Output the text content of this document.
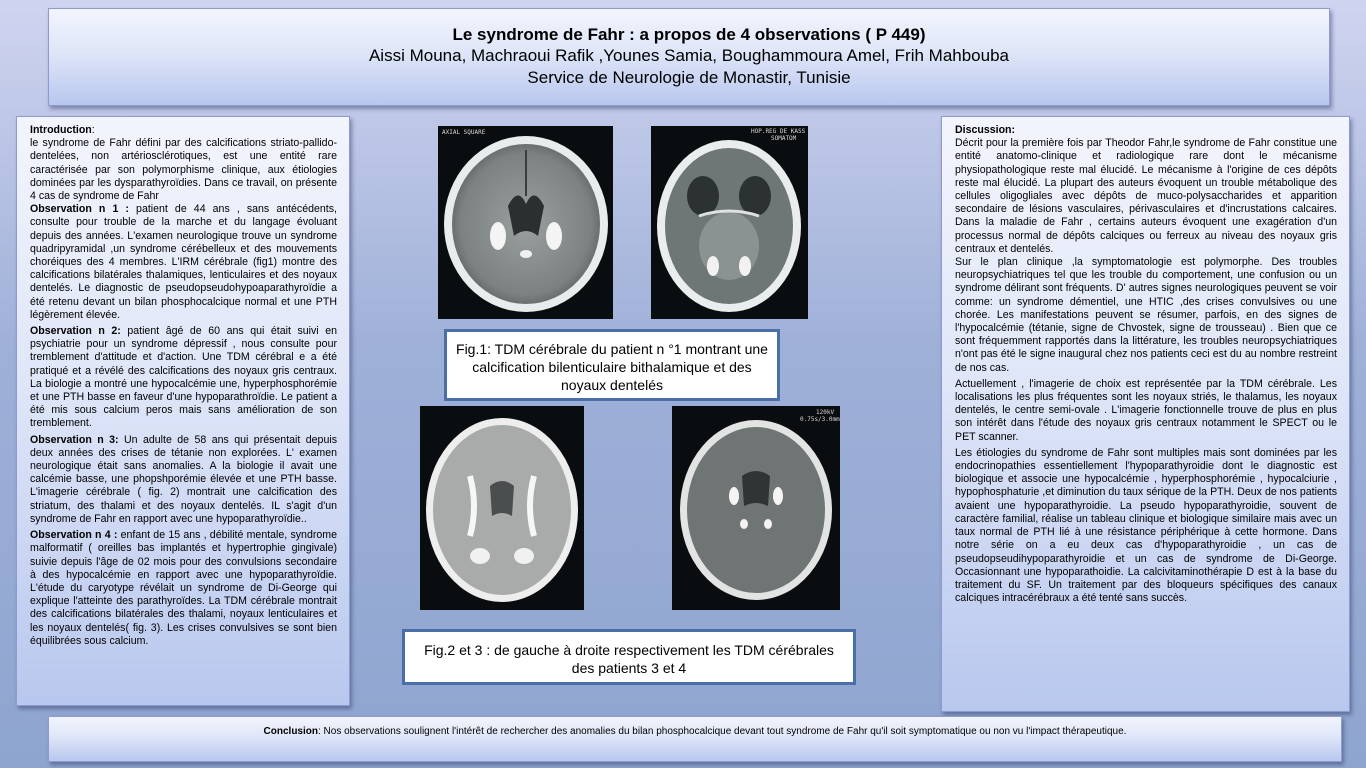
Le syndrome de Fahr : a propos de 4 observations ( P 449)
Aissi Mouna, Machraoui Rafik ,Younes Samia, Boughammoura Amel, Frih Mahbouba
Service de Neurologie de Monastir, Tunisie

Introduction:
le syndrome de Fahr défini par des calcifications striato-pallido-dentelées, non artériosclérotiques, est une entité rare caractérisée par son polymorphisme clinique, aux étiologies dominées par les dysparathyroïdies. Dans ce travail, on présente 4 cas de syndrome de Fahr
Observation n 1 : patient de 44 ans , sans antécédents, consulte pour trouble de la marche et du langage évoluant depuis des années. L'examen neurologique trouve un syndrome quadripyramidal ,un syndrome cérébelleux et des mouvements choréiques des 4 membres. L'IRM cérébrale (fig1) montre des calcifications bilatérales thalamiques, lenticulaires et des noyaux dentelés. Le diagnostic de pseudopseudohypoaparathyroïdie a été retenu devant un bilan phosphocalcique normal et une PTH légèrement élevée.

Observation n 2: patient âgé de 60 ans qui était suivi en psychiatrie pour un syndrome dépressif , nous consulte pour tremblement d'attitude et d'action. Une TDM cérébral e a été pratiqué et a révélé des calcifications des noyaux gris centraux. La biologie a montré une hypocalcémie une, hyperphosphorémie et une PTH basse en faveur d'une hypoparathroïdie. Le patient a été mis sous calcium peros mais sans amélioration de son tremblement.

Observation n 3: Un adulte de 58 ans qui présentait depuis deux années des crises de tétanie non explorées. L' examen neurologique était sans anomalies. A la biologie il avait une calcémie basse, une phopshporémie élevée et une PTH basse. L'imagerie cérébrale ( fig. 2) montrait une calcification des striatum, des thalami et des noyaux dentelés. IL s'agit d'un syndrome de Fahr en rapport avec une hypoparathyroïdie..

Observation n 4 : enfant de 15 ans , débilité mentale, syndrome malformatif ( oreilles bas implantés et hypertrophie gingivale) suivie depuis l'âge de 02 mois pour des convulsions secondaire à des hypocalcémie en rapport avec une hypoparathyroïdie. L'étude du caryotype révélait un syndrome de Di-George qui explique l'atteinte des parathyroïdes. La TDM cérébrale montrait des calcifications bilatérales des thalami, noyaux lenticulaires et les noyaux dentelés( fig. 3). Les crises convulsives se sont bien équilibrées sous calcium.

AXIAL SQUARE	HOP.REG DE KASS
SOMATOM
Fig.1: TDM cérébrale du patient n °1 montrant une calcification bilenticulaire bithalamique et des noyaux dentelés
120kV
0.75s/3.0mm
Fig.2 et 3 : de gauche à droite respectivement les TDM cérébrales des patients 3 et 4

Discussion:
Décrit pour la première fois par Theodor Fahr,le syndrome de Fahr constitue une entité anatomo-clinique et radiologique rare dont le mécanisme physiopathologique reste mal élucidé. Le mécanisme à l'origine de ces dépôts reste mal élucidé. La plupart des auteurs évoquent un trouble métabolique des cellules oligogliales avec dépôts de muco-polysaccharides et apparition secondaire de lésions vasculaires, périvasculaires et d'incrustations calcaires. Dans la maladie de Fahr , certains auteurs évoquent une exagération d'un processus normal de dépôts calciques ou ferreux au niveau des noyaux gris centraux et dentelés.
Sur le plan clinique ,la symptomatologie est polymorphe. Des troubles neuropsychiatriques tel que les trouble du comportement, une confusion ou un syndrome délirant sont fréquents. D' autres signes neurologiques peuvent se voir comme: un syndrome démentiel, une HTIC ,des crises convulsives ou une chorée. Les manifestations peuvent se résumer, parfois, en des signes de l'hypocalcémie (tétanie, signe de Chvostek, signe de trousseau) . Bien que ce sont fréquemment rapportés dans la littérature, les troubles neuropsychiatriques n'ont pas été le signe inaugural chez nos patients ceci est du au nombre restreint de nos cas.

Actuellement , l'imagerie de choix est représentée par la TDM cérébrale. Les localisations les plus fréquentes sont les noyaux striés, le thalamus, les noyaux dentelés, le centre semi-ovale . L'imagerie fonctionnelle trouve de plus en plus son intérêt dans l'étude des noyaux gris centraux notamment le SPECT ou le PET scanner.

Les étiologies du syndrome de Fahr sont multiples mais sont dominées par les endocrinopathies essentiellement l'hypoparathyroidie dont le diagnostic est biologique et associe une hypocalcémie , hyperphosphorémie , hypocalciurie , hypophosphaturie ,et diminution du taux sérique de la PTH. Deux de nos patients avaient une hypoparathyroidie. La pseudo hypoparathyroidie, souvent de caractère familial, réalise un tableau clinique et biologique similaire mais avec un taux normal de PTH lié à une résistance périphérique à cette hormone. Dans notre série on a eu deux cas d'hypoparathyroidie , un cas de pseudopseudihypoparathyroidie et un cas de syndrome de Di-George. Occasionnant une hypoparathoidie. La calcivitaminothérapie D est à la base du traitement du SF. Un traitement par des bloqueurs spécifiques des canaux calciques intracérébraux a été tenté sans succès.

Conclusion: Nos observations soulignent l'intérêt de rechercher des anomalies du bilan phosphocalcique devant tout syndrome de Fahr qu'il soit symptomatique ou non vu l'impact thérapeutique.
